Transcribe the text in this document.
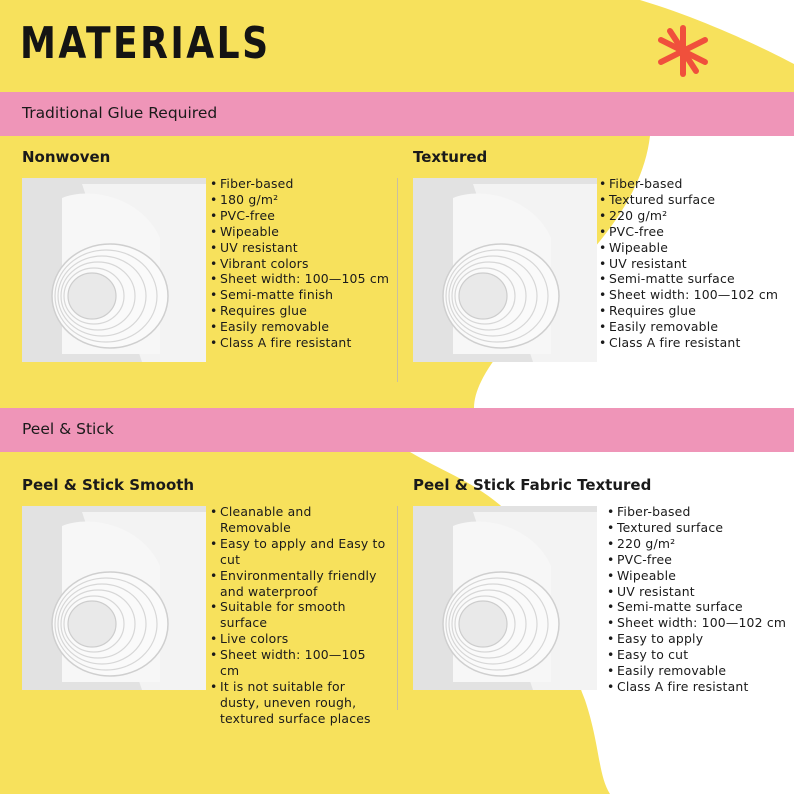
MATERIALS
Traditional Glue Required
Nonwoven
• Fiber-based
• 180 g/m²
• PVC-free
• Wipeable
• UV resistant
• Vibrant colors
• Sheet width: 100—105 cm
• Semi-matte finish
• Requires glue
• Easily removable
• Class A fire resistant
Textured
• Fiber-based
• Textured surface
• 220 g/m²
• PVC-free
• Wipeable
• UV resistant
• Semi-matte surface
• Sheet width: 100—102 cm
• Requires glue
• Easily removable
• Class A fire resistant
Peel & Stick
Peel & Stick Smooth
• Cleanable and Removable
• Easy to apply and Easy to cut
• Environmentally friendly and waterproof
• Suitable for smooth surface
• Live colors
• Sheet width: 100—105 cm
• It is not suitable for dusty, uneven rough, textured surface places
Peel & Stick Fabric Textured
• Fiber-based
• Textured surface
• 220 g/m²
• PVC-free
• Wipeable
• UV resistant
• Semi-matte surface
• Sheet width: 100—102 cm
• Easy to apply
• Easy to cut
• Easily removable
• Class A fire resistant
